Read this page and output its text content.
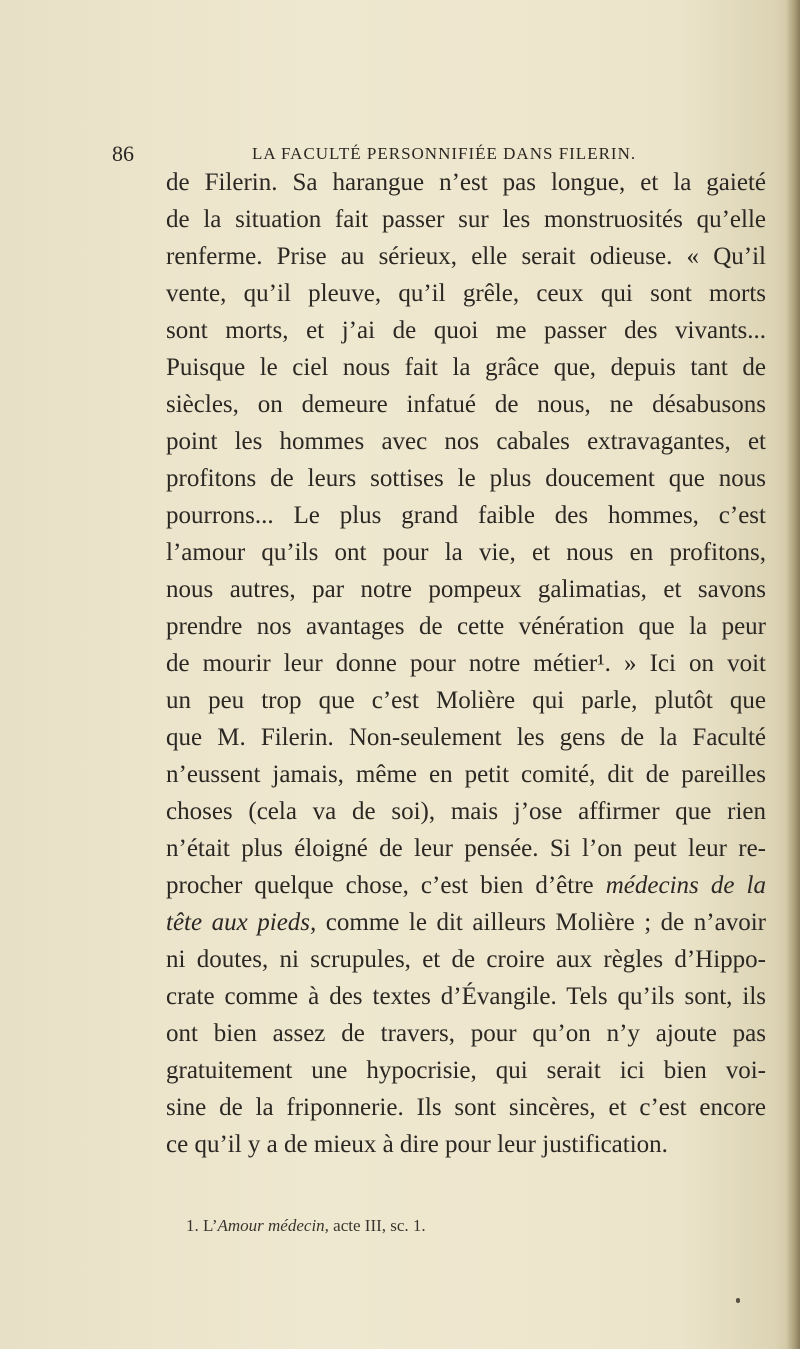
86	LA FACULTÉ PERSONNIFIÉE DANS FILERIN.

de Filerin. Sa harangue n’est pas longue, et la gaieté

de la situation fait passer sur les monstruosités qu’elle

renferme. Prise au sérieux, elle serait odieuse. « Qu’il

vente, qu’il pleuve, qu’il grêle, ceux qui sont morts

sont morts, et j’ai de quoi me passer des vivants...

Puisque le ciel nous fait la grâce que, depuis tant de

siècles, on demeure infatué de nous, ne désabusons

point les hommes avec nos cabales extravagantes, et

profitons de leurs sottises le plus doucement que nous

pourrons... Le plus grand faible des hommes, c’est

l’amour qu’ils ont pour la vie, et nous en profitons,

nous autres, par notre pompeux galimatias, et savons

prendre nos avantages de cette vénération que la peur

de mourir leur donne pour notre métier¹. » Ici on voit

un peu trop que c’est Molière qui parle, plutôt que

que M. Filerin. Non-seulement les gens de la Faculté

n’eussent jamais, même en petit comité, dit de pareilles

choses (cela va de soi), mais j’ose affirmer que rien

n’était plus éloigné de leur pensée. Si l’on peut leur re-

procher quelque chose, c’est bien d’être médecins de la

tête aux pieds, comme le dit ailleurs Molière ; de n’avoir

ni doutes, ni scrupules, et de croire aux règles d’Hippo-

crate comme à des textes d’Évangile. Tels qu’ils sont, ils

ont bien assez de travers, pour qu’on n’y ajoute pas

gratuitement une hypocrisie, qui serait ici bien voi-

sine de la friponnerie. Ils sont sincères, et c’est encore

ce qu’il y a de mieux à dire pour leur justification.

1. L’Amour médecin, acte III, sc. 1.
